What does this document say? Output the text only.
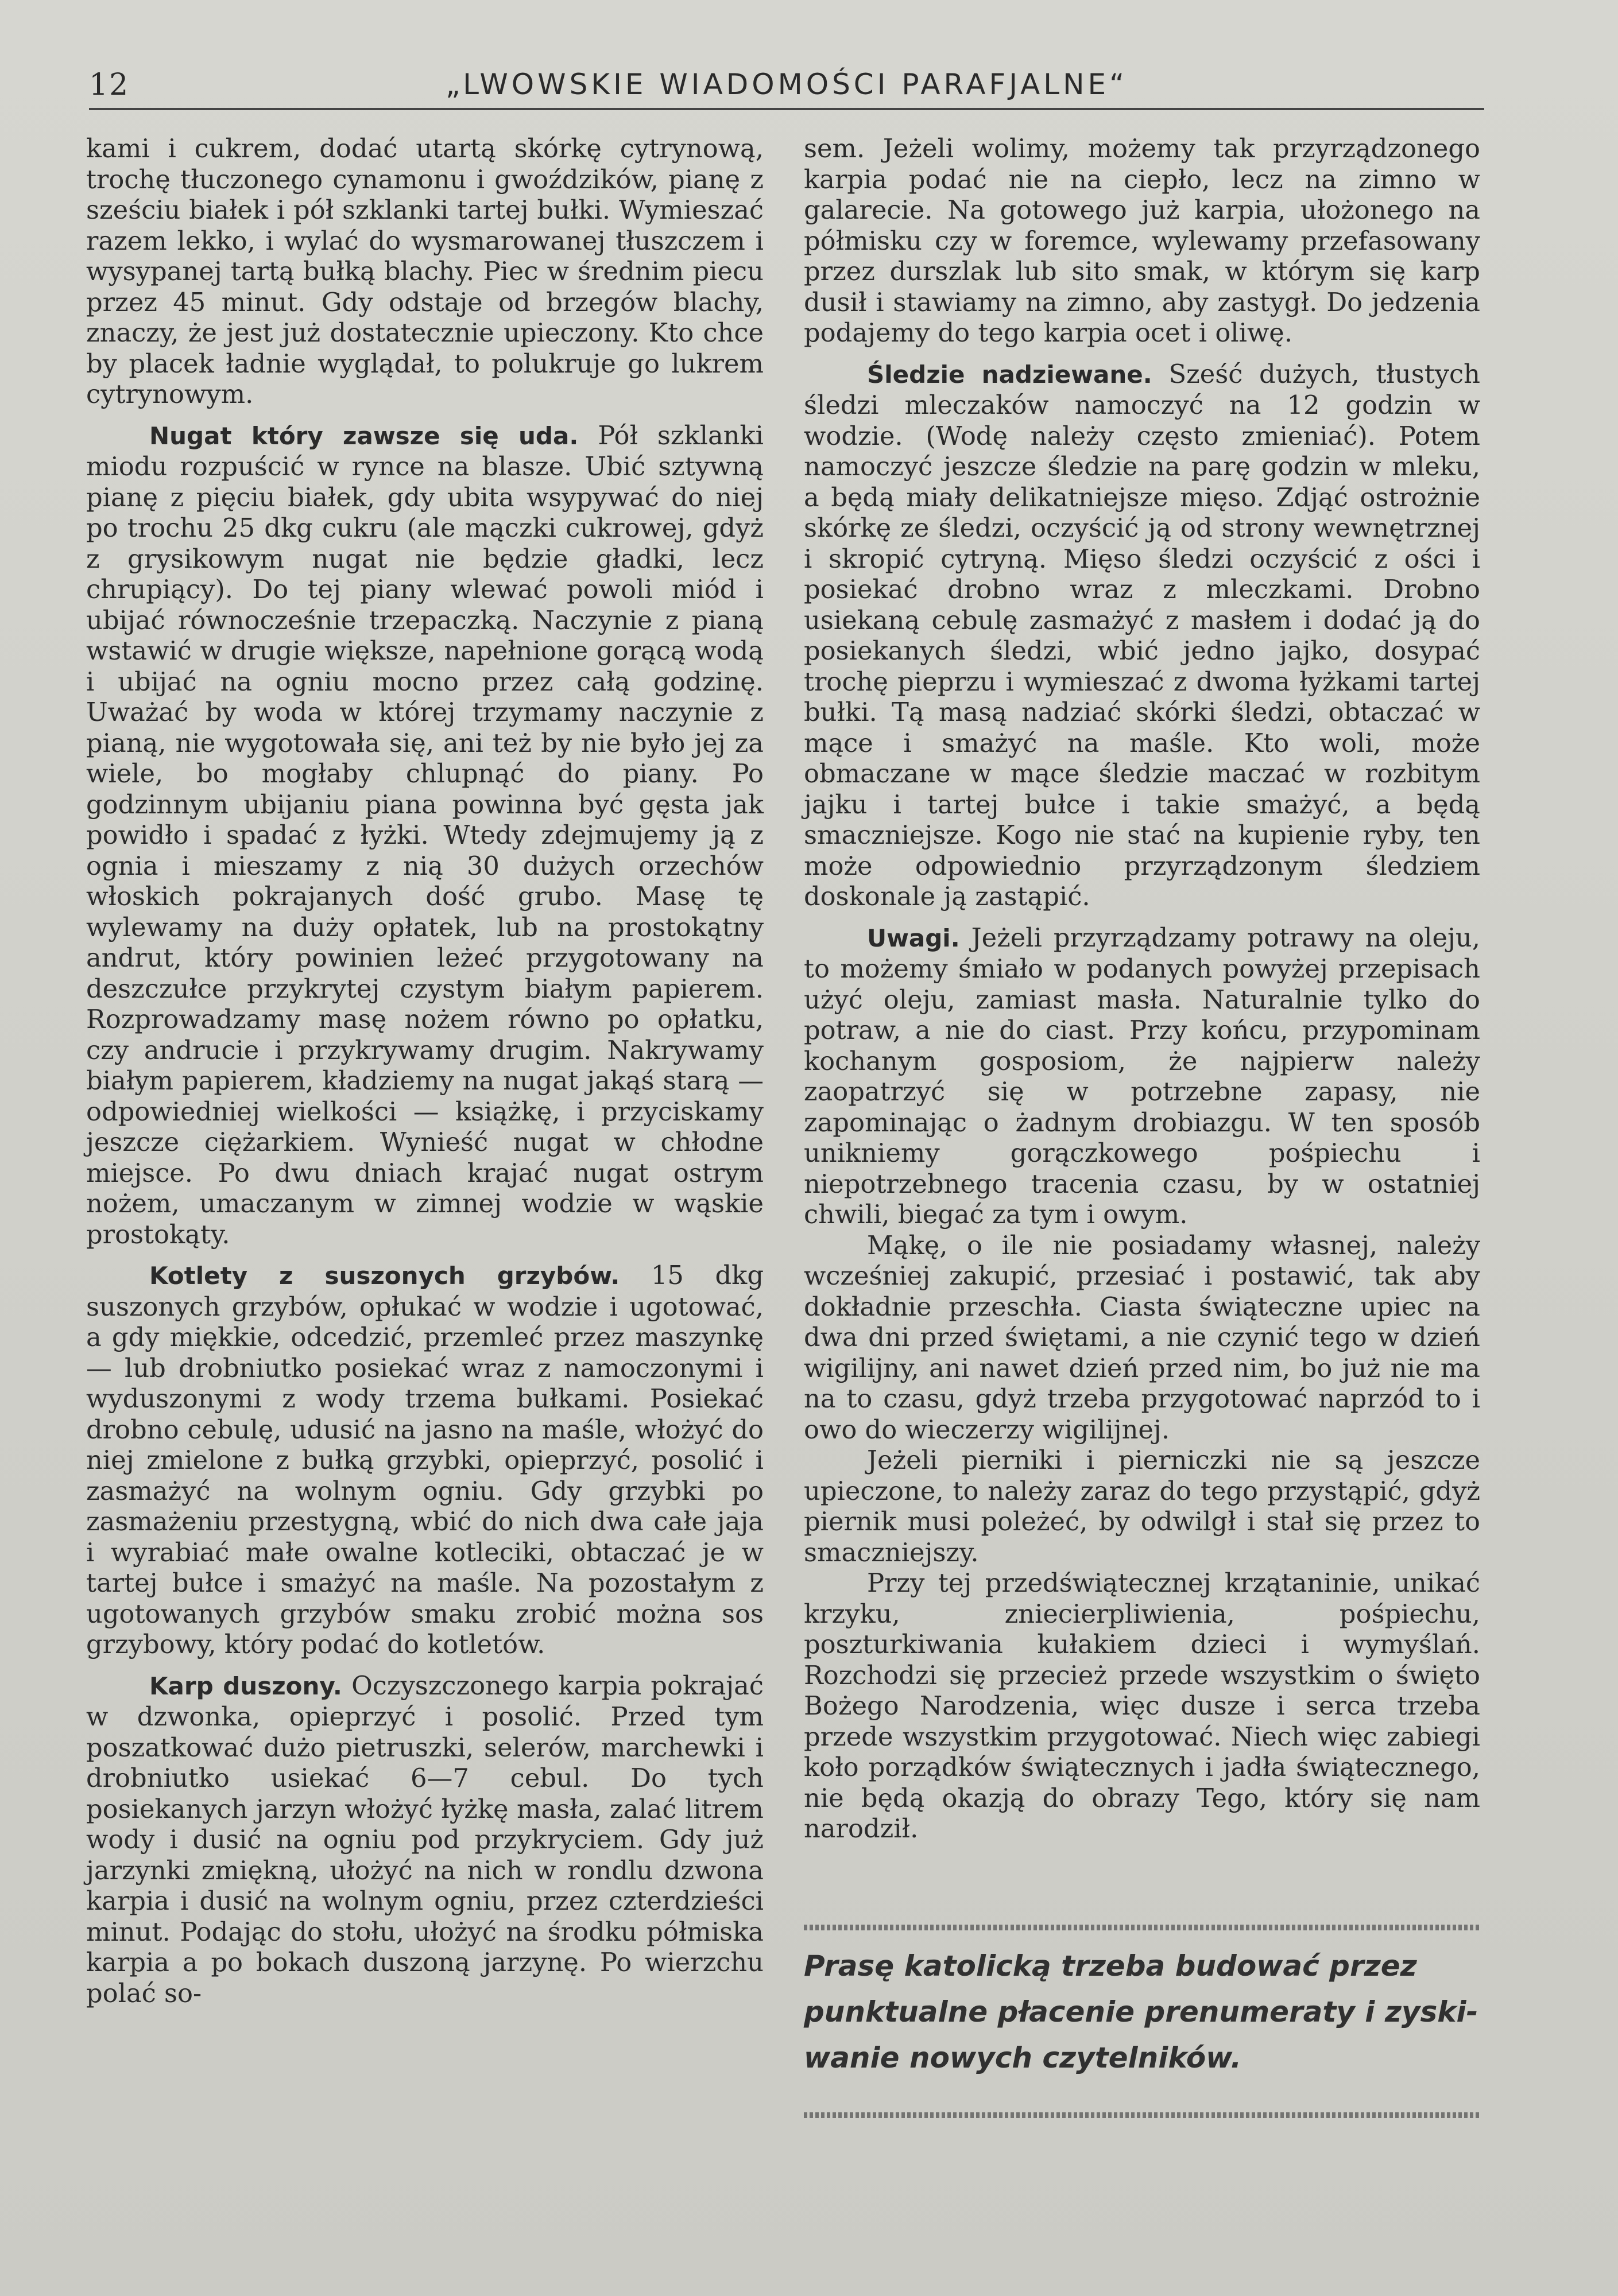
12	„LWOWSKIE WIADOMOŚCI PARAFJALNE“

kami i cukrem, dodać utartą skórkę cytrynową, trochę tłuczonego cynamonu i gwoździków, pianę z sześciu białek i pół szklanki tartej bułki. Wymieszać razem lekko, i wylać do wysmarowanej tłuszczem i wysypanej tartą bułką blachy. Piec w średnim piecu przez 45 minut. Gdy odstaje od brzegów blachy, znaczy, że jest już dostatecznie upieczony. Kto chce by placek ładnie wyglądał, to polukruje go lukrem cytrynowym.

Nugat który zawsze się uda. Pół szklanki miodu rozpuścić w rynce na blasze. Ubić sztywną pianę z pięciu białek, gdy ubita wsypywać do niej po trochu 25 dkg cukru (ale mączki cukrowej, gdyż z grysikowym nugat nie będzie gładki, lecz chrupiący). Do tej piany wlewać powoli miód i ubijać równocześnie trzepaczką. Naczynie z pianą wstawić w drugie większe, napełnione gorącą wodą i ubijać na ogniu mocno przez całą godzinę. Uważać by woda w której trzymamy naczynie z pianą, nie wygotowała się, ani też by nie było jej za wiele, bo mogłaby chlupnąć do piany. Po godzinnym ubijaniu piana powinna być gęsta jak powidło i spadać z łyżki. Wtedy zdejmujemy ją z ognia i mieszamy z nią 30 dużych orzechów włoskich pokrajanych dość grubo. Masę tę wylewamy na duży opłatek, lub na prostokątny andrut, który powinien leżeć przygotowany na deszczułce przykrytej czystym białym papierem. Rozprowadzamy masę nożem równo po opłatku, czy andrucie i przykrywamy drugim. Nakrywamy białym papierem, kładziemy na nugat jakąś starą — odpowiedniej wielkości — książkę, i przyciskamy jeszcze ciężarkiem. Wynieść nugat w chłodne miejsce. Po dwu dniach krajać nugat ostrym nożem, umaczanym w zimnej wodzie w wąskie prostokąty.

Kotlety z suszonych grzybów. 15 dkg suszonych grzybów, opłukać w wodzie i ugotować, a gdy miękkie, odcedzić, przemleć przez maszynkę — lub drobniutko posiekać wraz z namoczonymi i wyduszonymi z wody trzema bułkami. Posiekać drobno cebulę, udusić na jasno na maśle, włożyć do niej zmielone z bułką grzybki, opieprzyć, posolić i zasmażyć na wolnym ogniu. Gdy grzybki po zasmażeniu przestygną, wbić do nich dwa całe jaja i wyrabiać małe owalne kotleciki, obtaczać je w tartej bułce i smażyć na maśle. Na pozostałym z ugotowanych grzybów smaku zrobić można sos grzybowy, który podać do kotletów.

Karp duszony. Oczyszczonego karpia pokrajać w dzwonka, opieprzyć i posolić. Przed tym poszatkować dużo pietruszki, selerów, marchewki i drobniutko usiekać 6—7 cebul. Do tych posiekanych jarzyn włożyć łyżkę masła, zalać litrem wody i dusić na ogniu pod przykryciem. Gdy już jarzynki zmiękną, ułożyć na nich w rondlu dzwona karpia i dusić na wolnym ogniu, przez czterdzieści minut. Podając do stołu, ułożyć na środku półmiska karpia a po bokach duszoną jarzynę. Po wierzchu polać so-

sem. Jeżeli wolimy, możemy tak przyrządzonego karpia podać nie na ciepło, lecz na zimno w galarecie. Na gotowego już karpia, ułożonego na półmisku czy w foremce, wylewamy przefasowany przez durszlak lub sito smak, w którym się karp dusił i stawiamy na zimno, aby zastygł. Do jedzenia podajemy do tego karpia ocet i oliwę.

Śledzie nadziewane. Sześć dużych, tłustych śledzi mleczaków namoczyć na 12 godzin w wodzie. (Wodę należy często zmieniać). Potem namoczyć jeszcze śledzie na parę godzin w mleku, a będą miały delikatniejsze mięso. Zdjąć ostrożnie skórkę ze śledzi, oczyścić ją od strony wewnętrznej i skropić cytryną. Mięso śledzi oczyścić z ości i posiekać drobno wraz z mleczkami. Drobno usiekaną cebulę zasmażyć z masłem i dodać ją do posiekanych śledzi, wbić jedno jajko, dosypać trochę pieprzu i wymieszać z dwoma łyżkami tartej bułki. Tą masą nadziać skórki śledzi, obtaczać w mące i smażyć na maśle. Kto woli, może obmaczane w mące śledzie maczać w rozbitym jajku i tartej bułce i takie smażyć, a będą smaczniejsze. Kogo nie stać na kupienie ryby, ten może odpowiednio przyrządzonym śledziem doskonale ją zastąpić.

Uwagi. Jeżeli przyrządzamy potrawy na oleju, to możemy śmiało w podanych powyżej przepisach użyć oleju, zamiast masła. Naturalnie tylko do potraw, a nie do ciast. Przy końcu, przypominam kochanym gosposiom, że najpierw należy zaopatrzyć się w potrzebne zapasy, nie zapominając o żadnym drobiazgu. W ten sposób unikniemy gorączkowego pośpiechu i niepotrzebnego tracenia czasu, by w ostatniej chwili, biegać za tym i owym.

Mąkę, o ile nie posiadamy własnej, należy wcześniej zakupić, przesiać i postawić, tak aby dokładnie przeschła. Ciasta świąteczne upiec na dwa dni przed świętami, a nie czynić tego w dzień wigilijny, ani nawet dzień przed nim, bo już nie ma na to czasu, gdyż trzeba przygotować naprzód to i owo do wieczerzy wigilijnej.

Jeżeli pierniki i pierniczki nie są jeszcze upieczone, to należy zaraz do tego przystąpić, gdyż piernik musi poleżeć, by odwilgł i stał się przez to smaczniejszy.

Przy tej przedświątecznej krzątaninie, unikać krzyku, zniecierpliwienia, pośpiechu, poszturkiwania kułakiem dzieci i wymyślań. Rozchodzi się przecież przede wszystkim o święto Bożego Narodzenia, więc dusze i serca trzeba przede wszystkim przygotować. Niech więc zabiegi koło porządków świątecznych i jadła świątecznego, nie będą okazją do obrazy Tego, który się nam narodził.

Prasę katolicką trzeba budować przez
punktualne płacenie prenumeraty i zyski-
wanie nowych czytelników.
